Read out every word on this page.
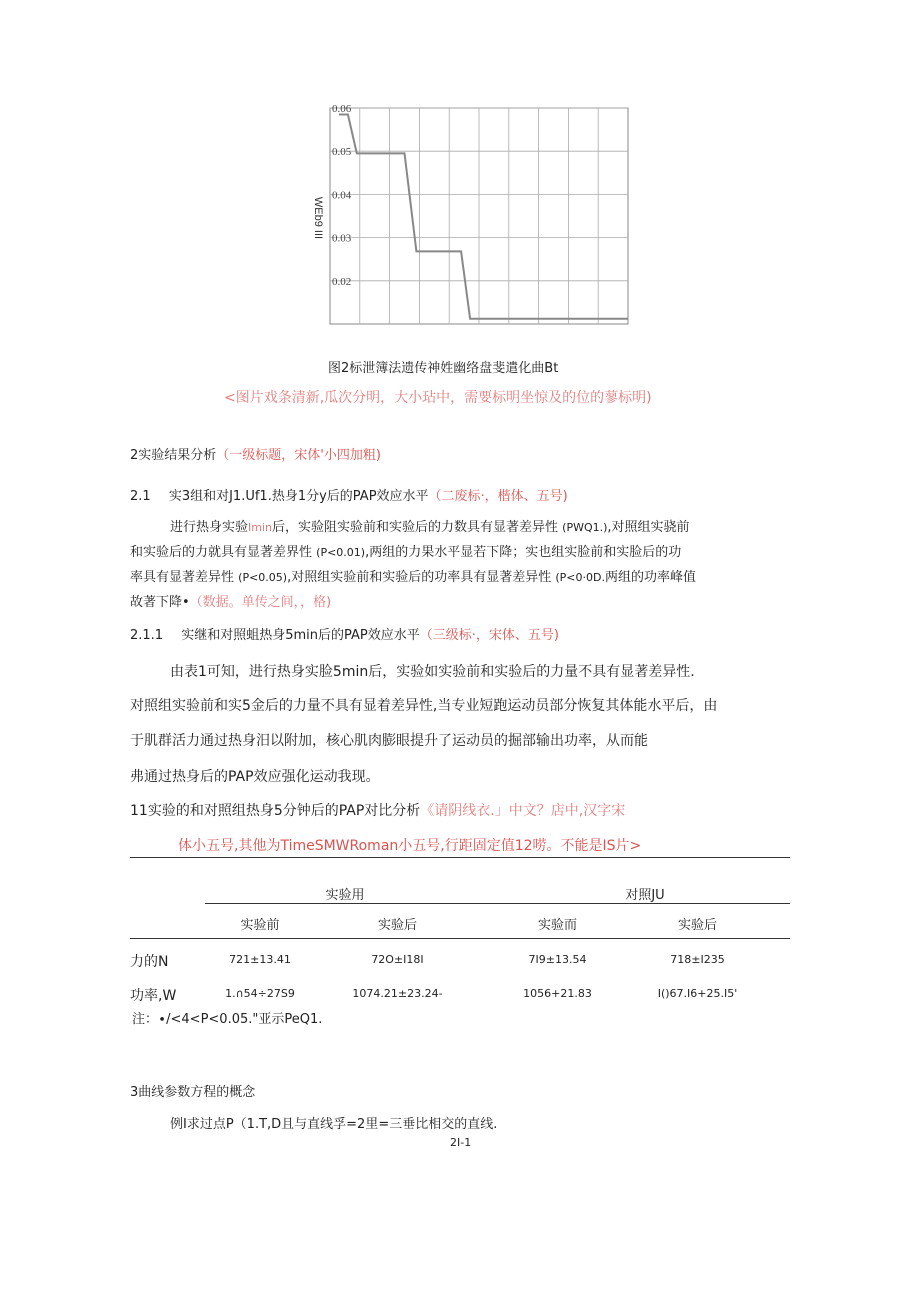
0.06
0.05
0.04
0.03
0.02
WEb9 III
图2标泄簿法遗传神姓幽络盘斐遣化曲Bt
<图片戏条清新,瓜次分明，大小玷中，需要标明坐惊及的位的蓼标明)
2实验结果分析（一级标题，宋体'小四加粗)
2.1 实3组和对J1.Uf1.热身1分y后的PAP效应水平（二废标·，楷体、五号)
进行热身实验Imin后，实验阻实验前和实验后的力数具有显著差异性 (PWQ1.),对照组实骁前
和实验后的力就具有显著差界性 (P<0.01),两组的力果水平显若下降；实也组实脸前和实脸后的功
率具有显著差异性 (P<0.05),对照组实验前和实验后的功率具有显著差异性 (P<0·0D.两组的功率峰值
故著下降•（数据。单传之间，，格)
2.1.1 实继和对照蛆热身5min后的PAP效应水平（三级标·，宋体、五号)
由表1可知，进行热身实脸5min后，实验如实验前和实验后的力量不具有显著差异性.
对照组实验前和实5金后的力量不具有显着差异性,当专业短跑运动员部分恢复其体能水平后，由
于肌群活力通过热身汨以附加，核心肌肉膨眼提升了运动员的掘部输出功率，从而能
弗通过热身后的PAP效应强化运动我现。
11实验的和对照组热身5分钟后的PAP对比分析《请阴线衣.」中文？店中,汉字宋
体小五号,其他为TimeSMWRoman小五号,行距固定值12唠。不能是IS片>
实验用	对照JU
实验前	实验后	实验而	实验后
力的N	721±13.41	72O±I18I	7I9±13.54	718±I235
功率,W	1.∩54÷27S9	1074.21±23.24-	1056+21.83	I()67.I6+25.I5'
注：∙/<4<P<0.05."亚示PeQ1.
3曲线参数方程的概念
例I求过点P（1.T,D且与直线孚=2里=三垂比相交的直线.
2I-1
